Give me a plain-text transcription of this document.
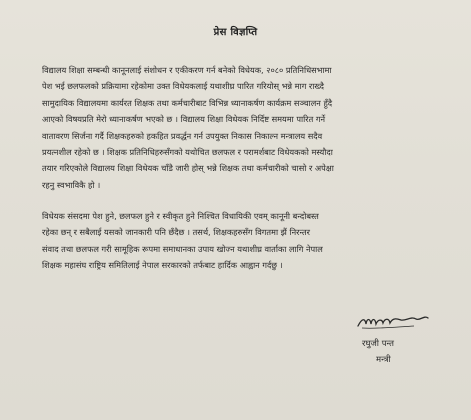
प्रेस विज्ञप्ति
विद्यालय शिक्षा सम्बन्धी कानूनलाई संशोधन र एकीकरण गर्न बनेको विधेयक, २०८० प्रतिनिधिसभामा
पेश भई छलफलको प्रक्रियामा रहेकोमा उक्त विधेयकलाई यथाशीघ्र पारित गरियोस् भन्ने माग राख्दै
सामुदायिक विद्यालयमा कार्यरत शिक्षक तथा कर्मचारीबाट विभिन्न ध्यानाकर्षण कार्यक्रम सञ्चालन हुँदै
आएको विषयप्रति मेरो ध्यानाकर्षण भएको छ । विद्यालय शिक्षा विधेयक निर्दिष्ट समयमा पारित गर्ने
वातावरण सिर्जना गर्दै शिक्षकहरुको हकहित प्रवर्द्धन गर्न उपयुक्त निकास निकाल्न मन्त्रालय सदैव
प्रयत्नशील रहेको छ । शिक्षक प्रतिनिधिहरुसँगको यथोचित छलफल र परामर्शबाट विधेयकको मस्यौदा
तयार गरिएकोले विद्यालय शिक्षा विधेयक चाँडै जारी होस् भन्ने शिक्षक तथा कर्मचारीको चासो र अपेक्षा
रहनु स्वभाविकै हो ।
विधेयक संसदमा पेश हुने, छलफल हुने र स्वीकृत हुने निश्चित विधायिकी एवम् कानूनी बन्दोबस्त
रहेका छन् र सबैलाई यसको जानकारी पनि छँदैछ । तसर्थ, शिक्षकहरुसँग विगतमा झैं निरन्तर
संवाद तथा छलफल गरी सामूहिक रूपमा समाधानका उपाय खोज्न यथाशीघ्र वार्ताका लागि नेपाल
शिक्षक महासंघ राष्ट्रिय समितिलाई नेपाल सरकारको तर्फबाट हार्दिक आह्वान गर्दछु ।
रघुजी पन्त
मन्त्री
